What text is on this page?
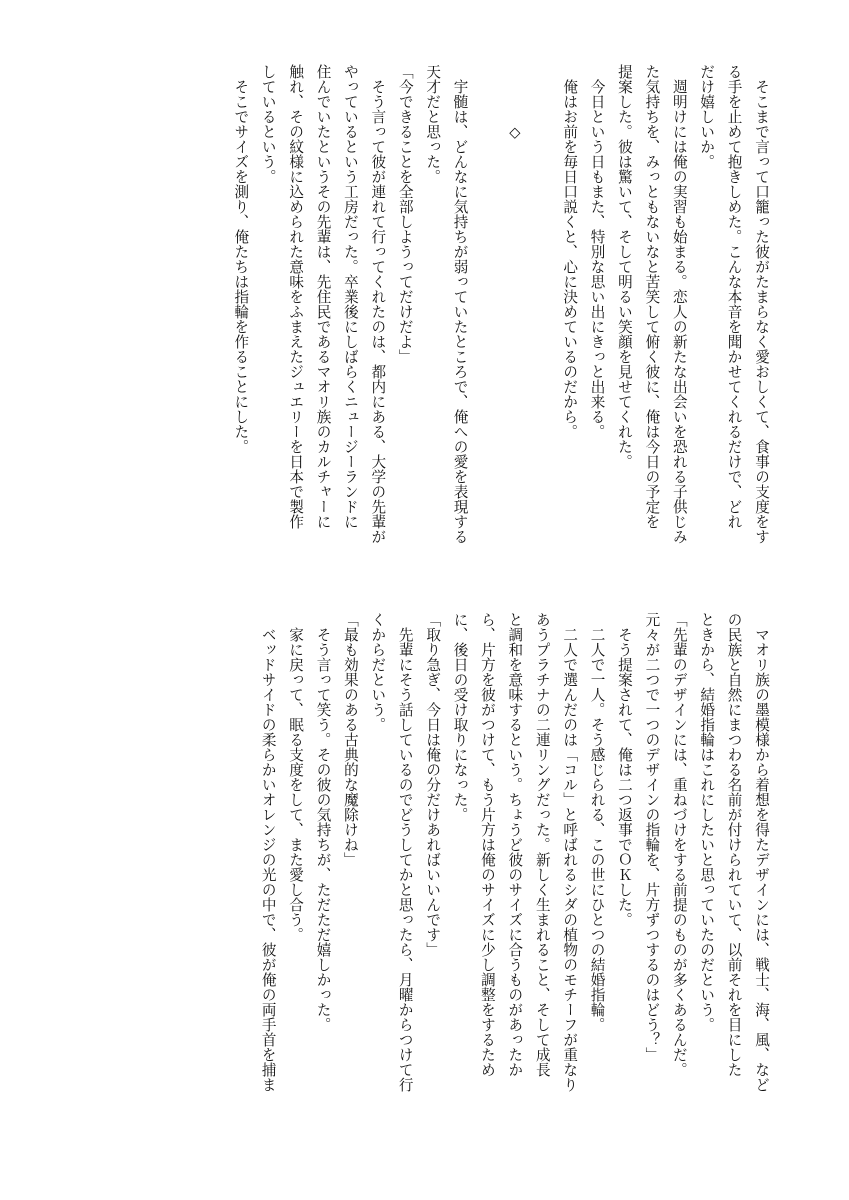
　そこまで言って口籠った彼がたまらなく愛おしくて、食事の支度をす
る手を止めて抱きしめた。こんな本音を聞かせてくれるだけで、どれ
だけ嬉しいか。
　週明けには俺の実習も始まる。恋人の新たな出会いを恐れる子供じみ
た気持ちを、みっともないなと苦笑して俯く彼に、俺は今日の予定を
提案した。彼は驚いて、そして明るい笑顔を見せてくれた。
　今日という日もまた、特別な思い出にきっと出来る。
　俺はお前を毎日口説くと、心に決めているのだから。
　　　　◇
　宇髄は、どんなに気持ちが弱っていたところで、俺への愛を表現する
天才だと思った。
「今できることを全部しようってだけだよ」
　そう言って彼が連れて行ってくれたのは、都内にある、大学の先輩が
やっているという工房だった。卒業後にしばらくニュージーランドに
住んでいたというその先輩は、先住民であるマオリ族のカルチャーに
触れ、その紋様に込められた意味をふまえたジュエリーを日本で製作
しているという。
　そこでサイズを測り、俺たちは指輪を作ることにした。
　マオリ族の墨模様から着想を得たデザインには、戦士、海、風、など
の民族と自然にまつわる名前が付けられていて、以前それを目にした
ときから、結婚指輪はこれにしたいと思っていたのだという。
「先輩のデザインには、重ねづけをする前提のものが多くあるんだ。
元々が二つで一つのデザインの指輪を、片方ずつするのはどう？」
　そう提案されて、俺は二つ返事でＯＫした。
　二人で一人。そう感じられる、この世にひとつの結婚指輪。
　二人で選んだのは「コル」と呼ばれるシダの植物のモチーフが重なり
あうプラチナの二連リングだった。新しく生まれること、そして成長
と調和を意味するという。ちょうど彼のサイズに合うものがあったか
ら、片方を彼がつけて、もう片方は俺のサイズに少し調整をするため
に、後日の受け取りになった。
「取り急ぎ、今日は俺の分だけあればいいんです」
　先輩にそう話しているのでどうしてかと思ったら、月曜からつけて行
くからだという。
「最も効果のある古典的な魔除けね」
　そう言って笑う。その彼の気持ちが、ただただ嬉しかった。
　家に戻って、眠る支度をして、また愛し合う。
　ベッドサイドの柔らかいオレンジの光の中で、彼が俺の両手首を捕ま
